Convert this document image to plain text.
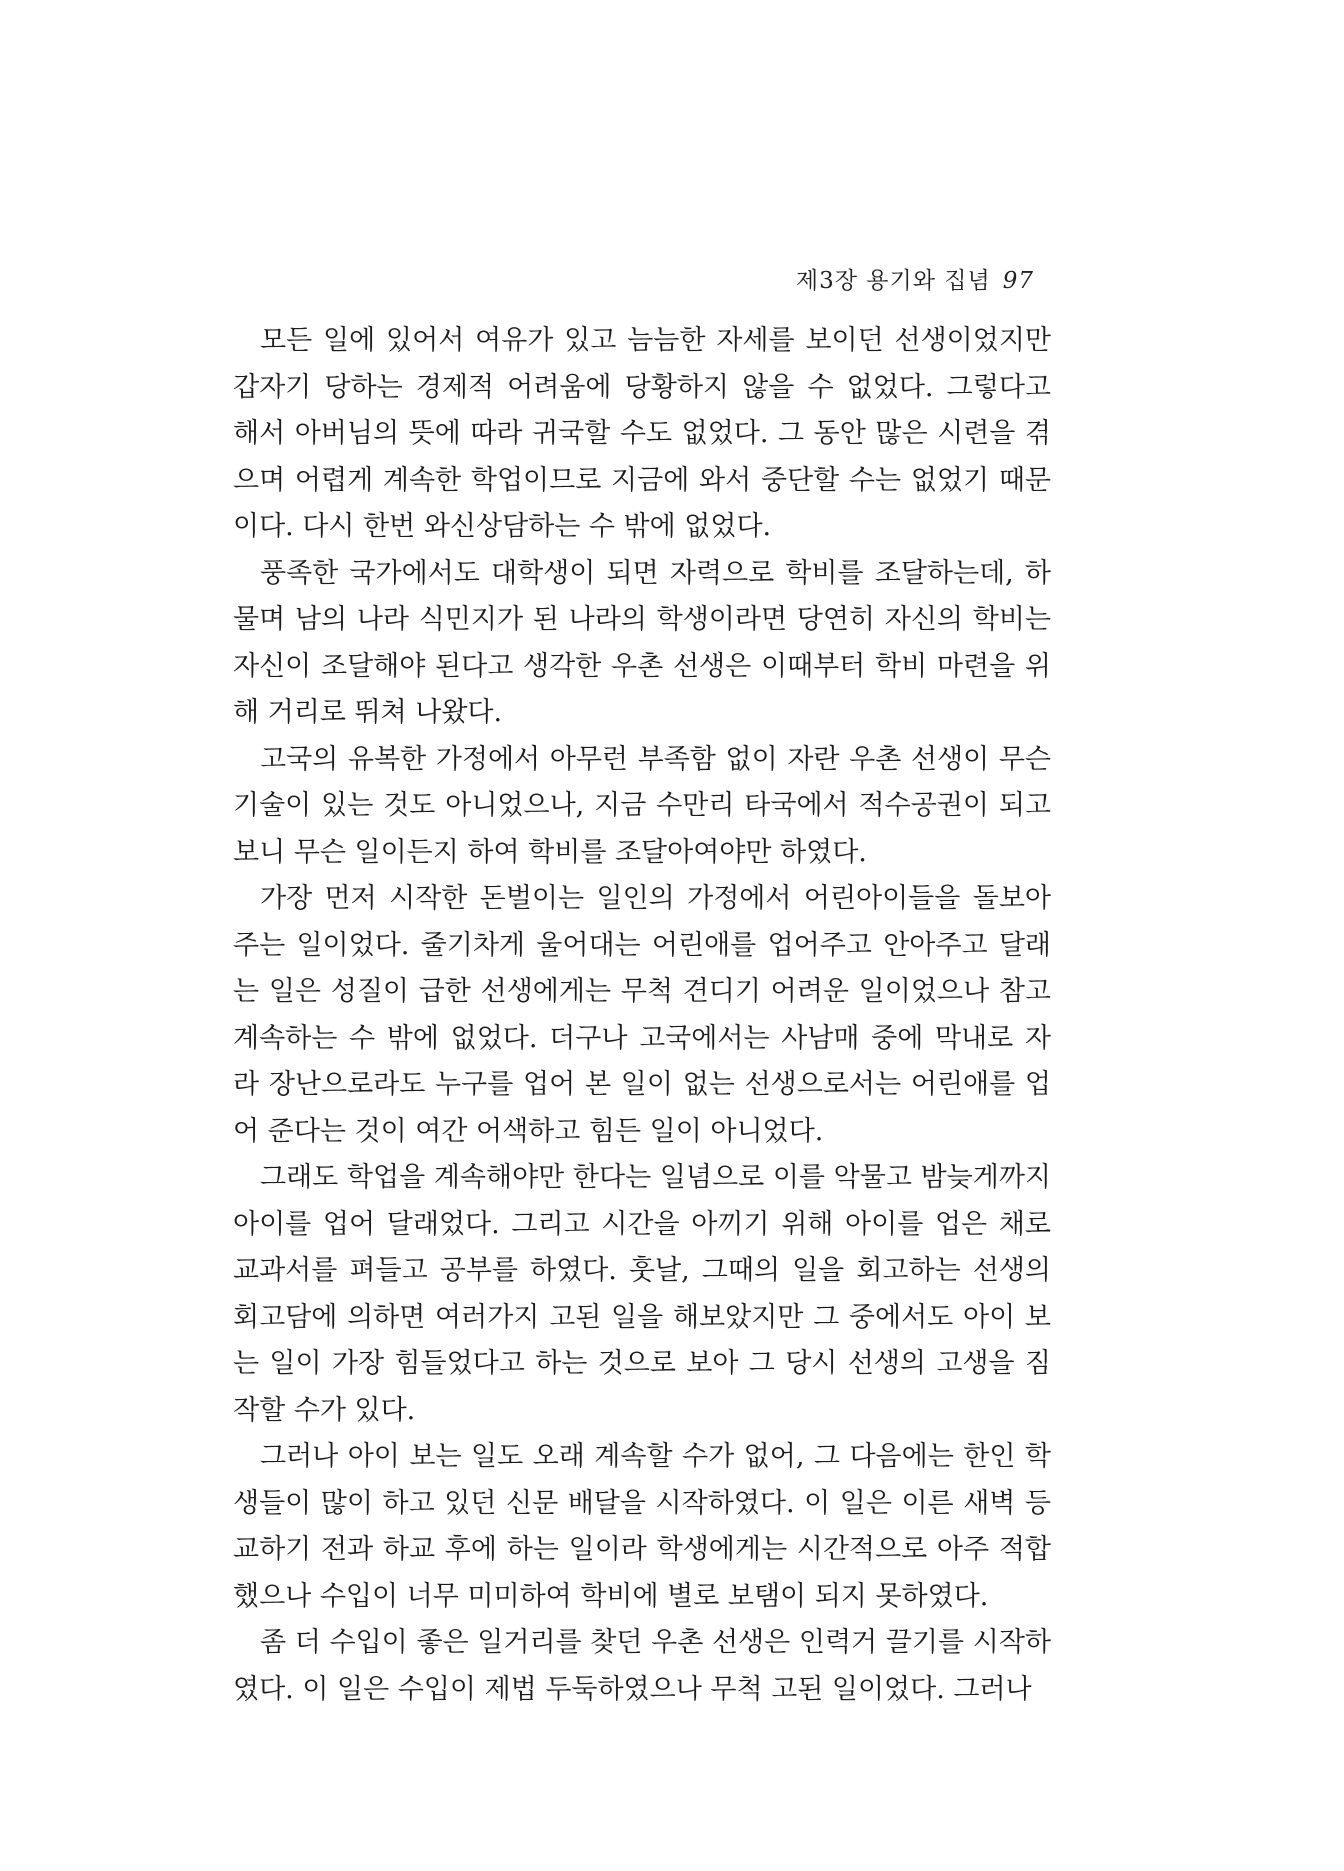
제3장 용기와 집념 97

모든 일에 있어서 여유가 있고 늠늠한 자세를 보이던 선생이었지만
갑자기 당하는 경제적 어려움에 당황하지 않을 수 없었다. 그렇다고
해서 아버님의 뜻에 따라 귀국할 수도 없었다. 그 동안 많은 시련을 겪
으며 어렵게 계속한 학업이므로 지금에 와서 중단할 수는 없었기 때문
이다. 다시 한번 와신상담하는 수 밖에 없었다.

풍족한 국가에서도 대학생이 되면 자력으로 학비를 조달하는데, 하
물며 남의 나라 식민지가 된 나라의 학생이라면 당연히 자신의 학비는
자신이 조달해야 된다고 생각한 우촌 선생은 이때부터 학비 마련을 위
해 거리로 뛰쳐 나왔다.

고국의 유복한 가정에서 아무런 부족함 없이 자란 우촌 선생이 무슨
기술이 있는 것도 아니었으나, 지금 수만리 타국에서 적수공권이 되고
보니 무슨 일이든지 하여 학비를 조달아여야만 하였다.

가장 먼저 시작한 돈벌이는 일인의 가정에서 어린아이들을 돌보아
주는 일이었다. 줄기차게 울어대는 어린애를 업어주고 안아주고 달래
는 일은 성질이 급한 선생에게는 무척 견디기 어려운 일이었으나 참고
계속하는 수 밖에 없었다. 더구나 고국에서는 사남매 중에 막내로 자
라 장난으로라도 누구를 업어 본 일이 없는 선생으로서는 어린애를 업
어 준다는 것이 여간 어색하고 힘든 일이 아니었다.

그래도 학업을 계속해야만 한다는 일념으로 이를 악물고 밤늦게까지
아이를 업어 달래었다. 그리고 시간을 아끼기 위해 아이를 업은 채로
교과서를 펴들고 공부를 하였다. 훗날, 그때의 일을 회고하는 선생의
회고담에 의하면 여러가지 고된 일을 해보았지만 그 중에서도 아이 보
는 일이 가장 힘들었다고 하는 것으로 보아 그 당시 선생의 고생을 짐
작할 수가 있다.

그러나 아이 보는 일도 오래 계속할 수가 없어, 그 다음에는 한인 학
생들이 많이 하고 있던 신문 배달을 시작하였다. 이 일은 이른 새벽 등
교하기 전과 하교 후에 하는 일이라 학생에게는 시간적으로 아주 적합
했으나 수입이 너무 미미하여 학비에 별로 보탬이 되지 못하였다.

좀 더 수입이 좋은 일거리를 찾던 우촌 선생은 인력거 끌기를 시작하
였다. 이 일은 수입이 제법 두둑하였으나 무척 고된 일이었다. 그러나
